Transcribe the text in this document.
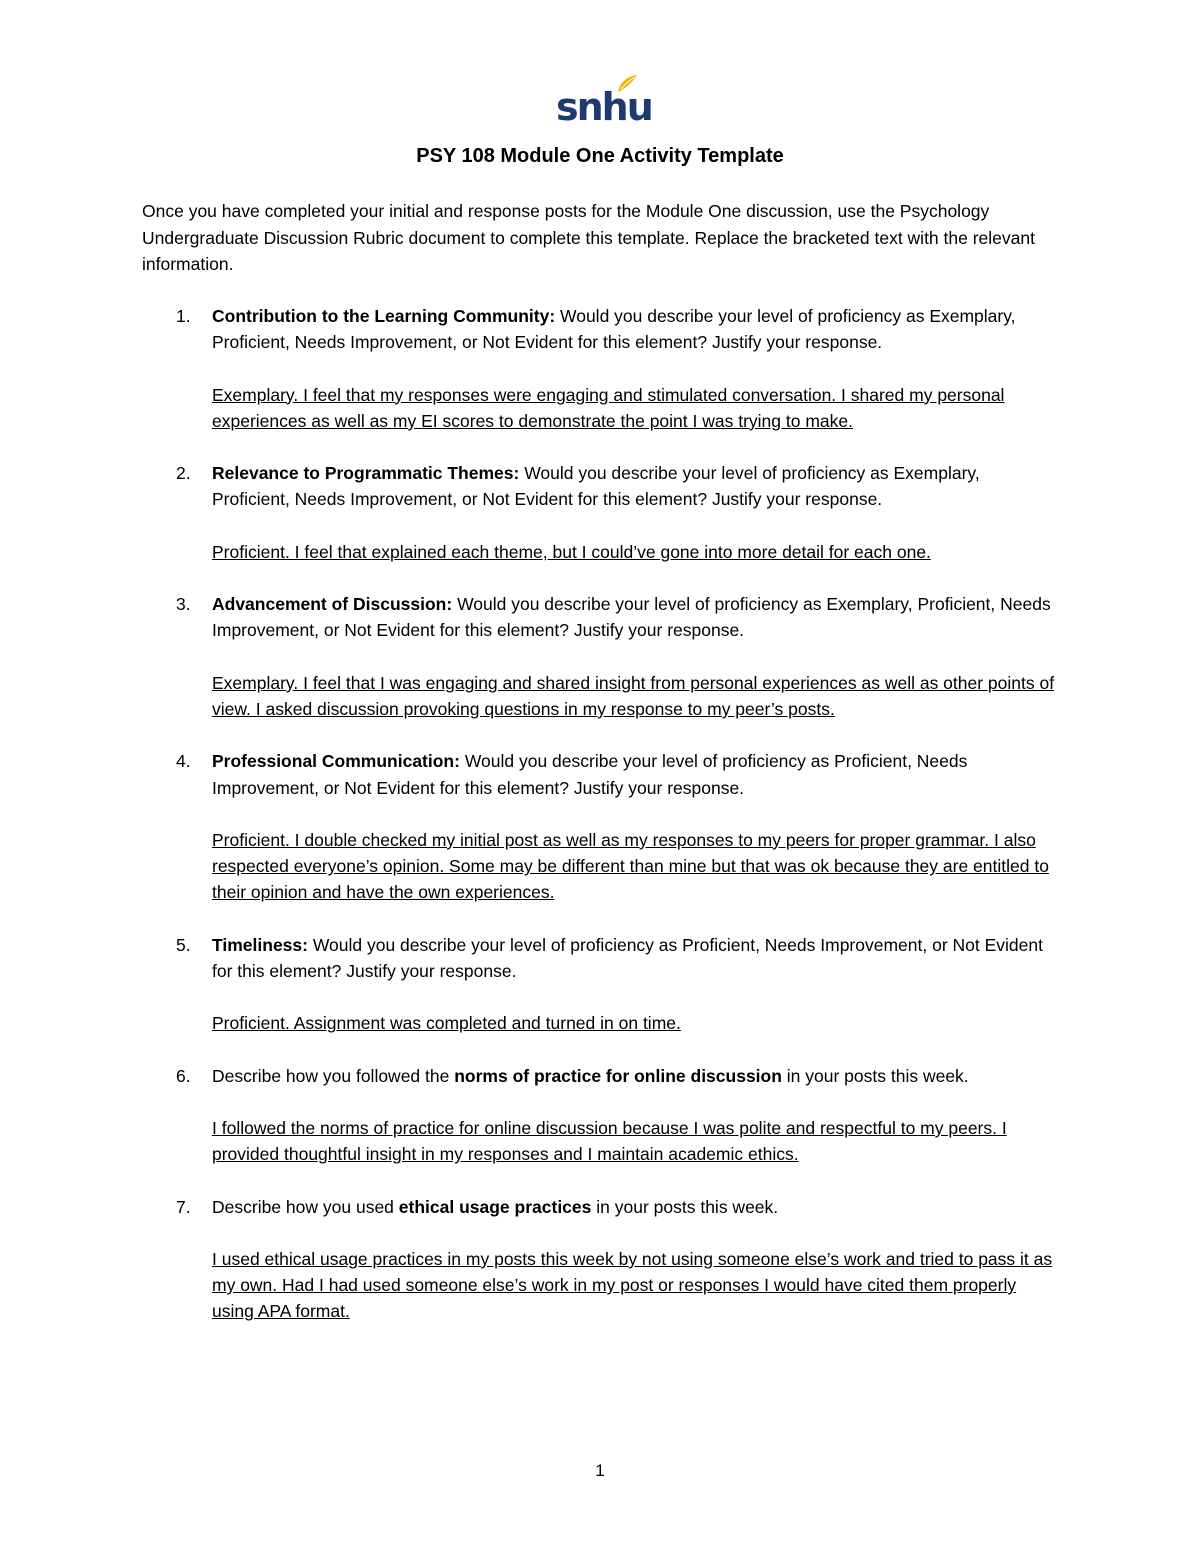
snhu
PSY 108 Module One Activity Template
Once you have completed your initial and response posts for the Module One discussion, use the Psychology Undergraduate Discussion Rubric document to complete this template. Replace the bracketed text with the relevant information.
1. Contribution to the Learning Community: Would you describe your level of proficiency as Exemplary, Proficient, Needs Improvement, or Not Evident for this element? Justify your response.

Exemplary. I feel that my responses were engaging and stimulated conversation. I shared my personal experiences as well as my EI scores to demonstrate the point I was trying to make.

2. Relevance to Programmatic Themes: Would you describe your level of proficiency as Exemplary, Proficient, Needs Improvement, or Not Evident for this element? Justify your response.

Proficient. I feel that explained each theme, but I could’ve gone into more detail for each one.

3. Advancement of Discussion: Would you describe your level of proficiency as Exemplary, Proficient, Needs Improvement, or Not Evident for this element? Justify your response.

Exemplary. I feel that I was engaging and shared insight from personal experiences as well as other points of view. I asked discussion provoking questions in my response to my peer’s posts.

4. Professional Communication: Would you describe your level of proficiency as Proficient, Needs Improvement, or Not Evident for this element? Justify your response.

Proficient. I double checked my initial post as well as my responses to my peers for proper grammar. I also respected everyone’s opinion. Some may be different than mine but that was ok because they are entitled to their opinion and have the own experiences.

5. Timeliness: Would you describe your level of proficiency as Proficient, Needs Improvement, or Not Evident for this element? Justify your response.

Proficient. Assignment was completed and turned in on time.

6. Describe how you followed the norms of practice for online discussion in your posts this week.

I followed the norms of practice for online discussion because I was polite and respectful to my peers. I provided thoughtful insight in my responses and I maintain academic ethics.

7. Describe how you used ethical usage practices in your posts this week.

I used ethical usage practices in my posts this week by not using someone else’s work and tried to pass it as my own. Had I had used someone else’s work in my post or responses I would have cited them properly using APA format.

1
